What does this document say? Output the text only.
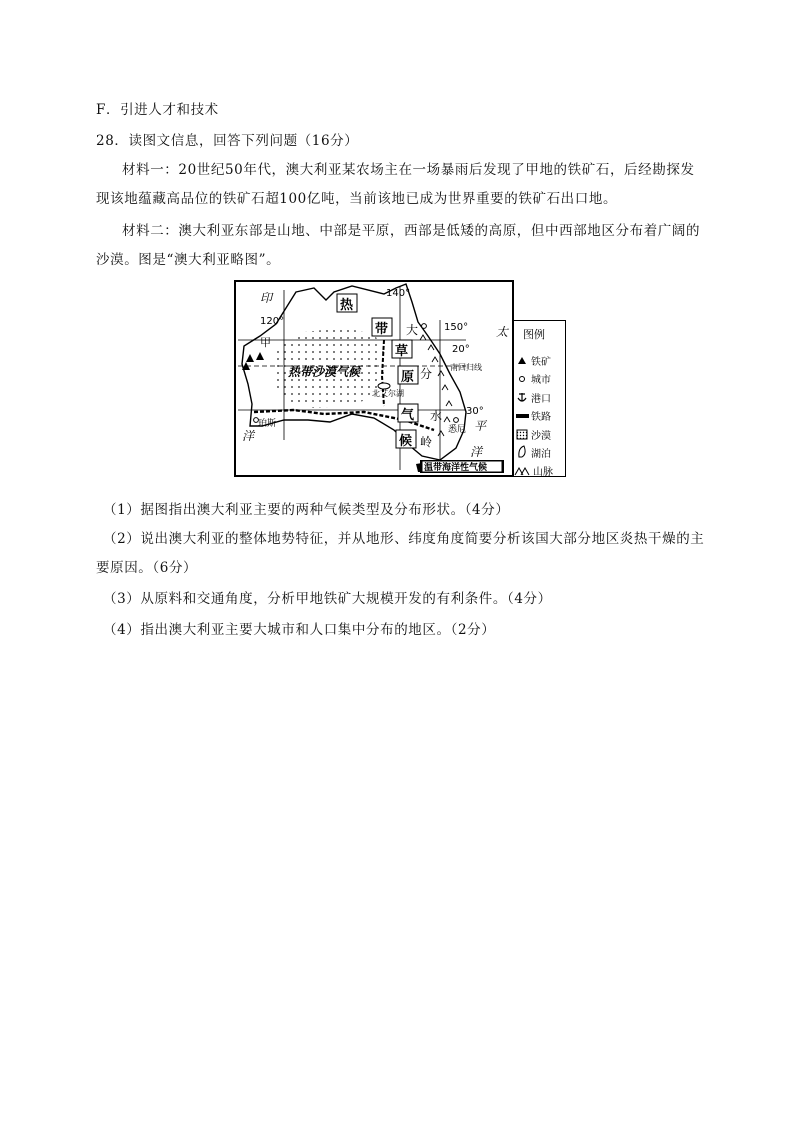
F．引进人才和技术
28．读图文信息，回答下列问题（16分）
材料一：20世纪50年代，澳大利亚某农场主在一场暴雨后发现了甲地的铁矿石，后经勘探发
现该地蕴藏高品位的铁矿石超100亿吨，当前该地已成为世界重要的铁矿石出口地。
材料二：澳大利亚东部是山地、中部是平原，西部是低矮的高原，但中西部地区分布着广阔的
沙漠。图是“澳大利亚略图”。
印
洋
太
平
洋
120°
140°
150°
20°
30°
南回归线
热
带
草
原
气
候
大
分
水
岭
甲
热带沙漠气候
北艾尔湖
珀斯
悉尼
温带海洋性气候
图例
铁矿
城市
港口
铁路
沙漠
湖泊
山脉
（1）据图指出澳大利亚主要的两种气候类型及分布形状。（4分）
（2）说出澳大利亚的整体地势特征，并从地形、纬度角度简要分析该国大部分地区炎热干燥的主
要原因。（6分）
（3）从原料和交通角度，分析甲地铁矿大规模开发的有利条件。（4分）
（4）指出澳大利亚主要大城市和人口集中分布的地区。（2分）
